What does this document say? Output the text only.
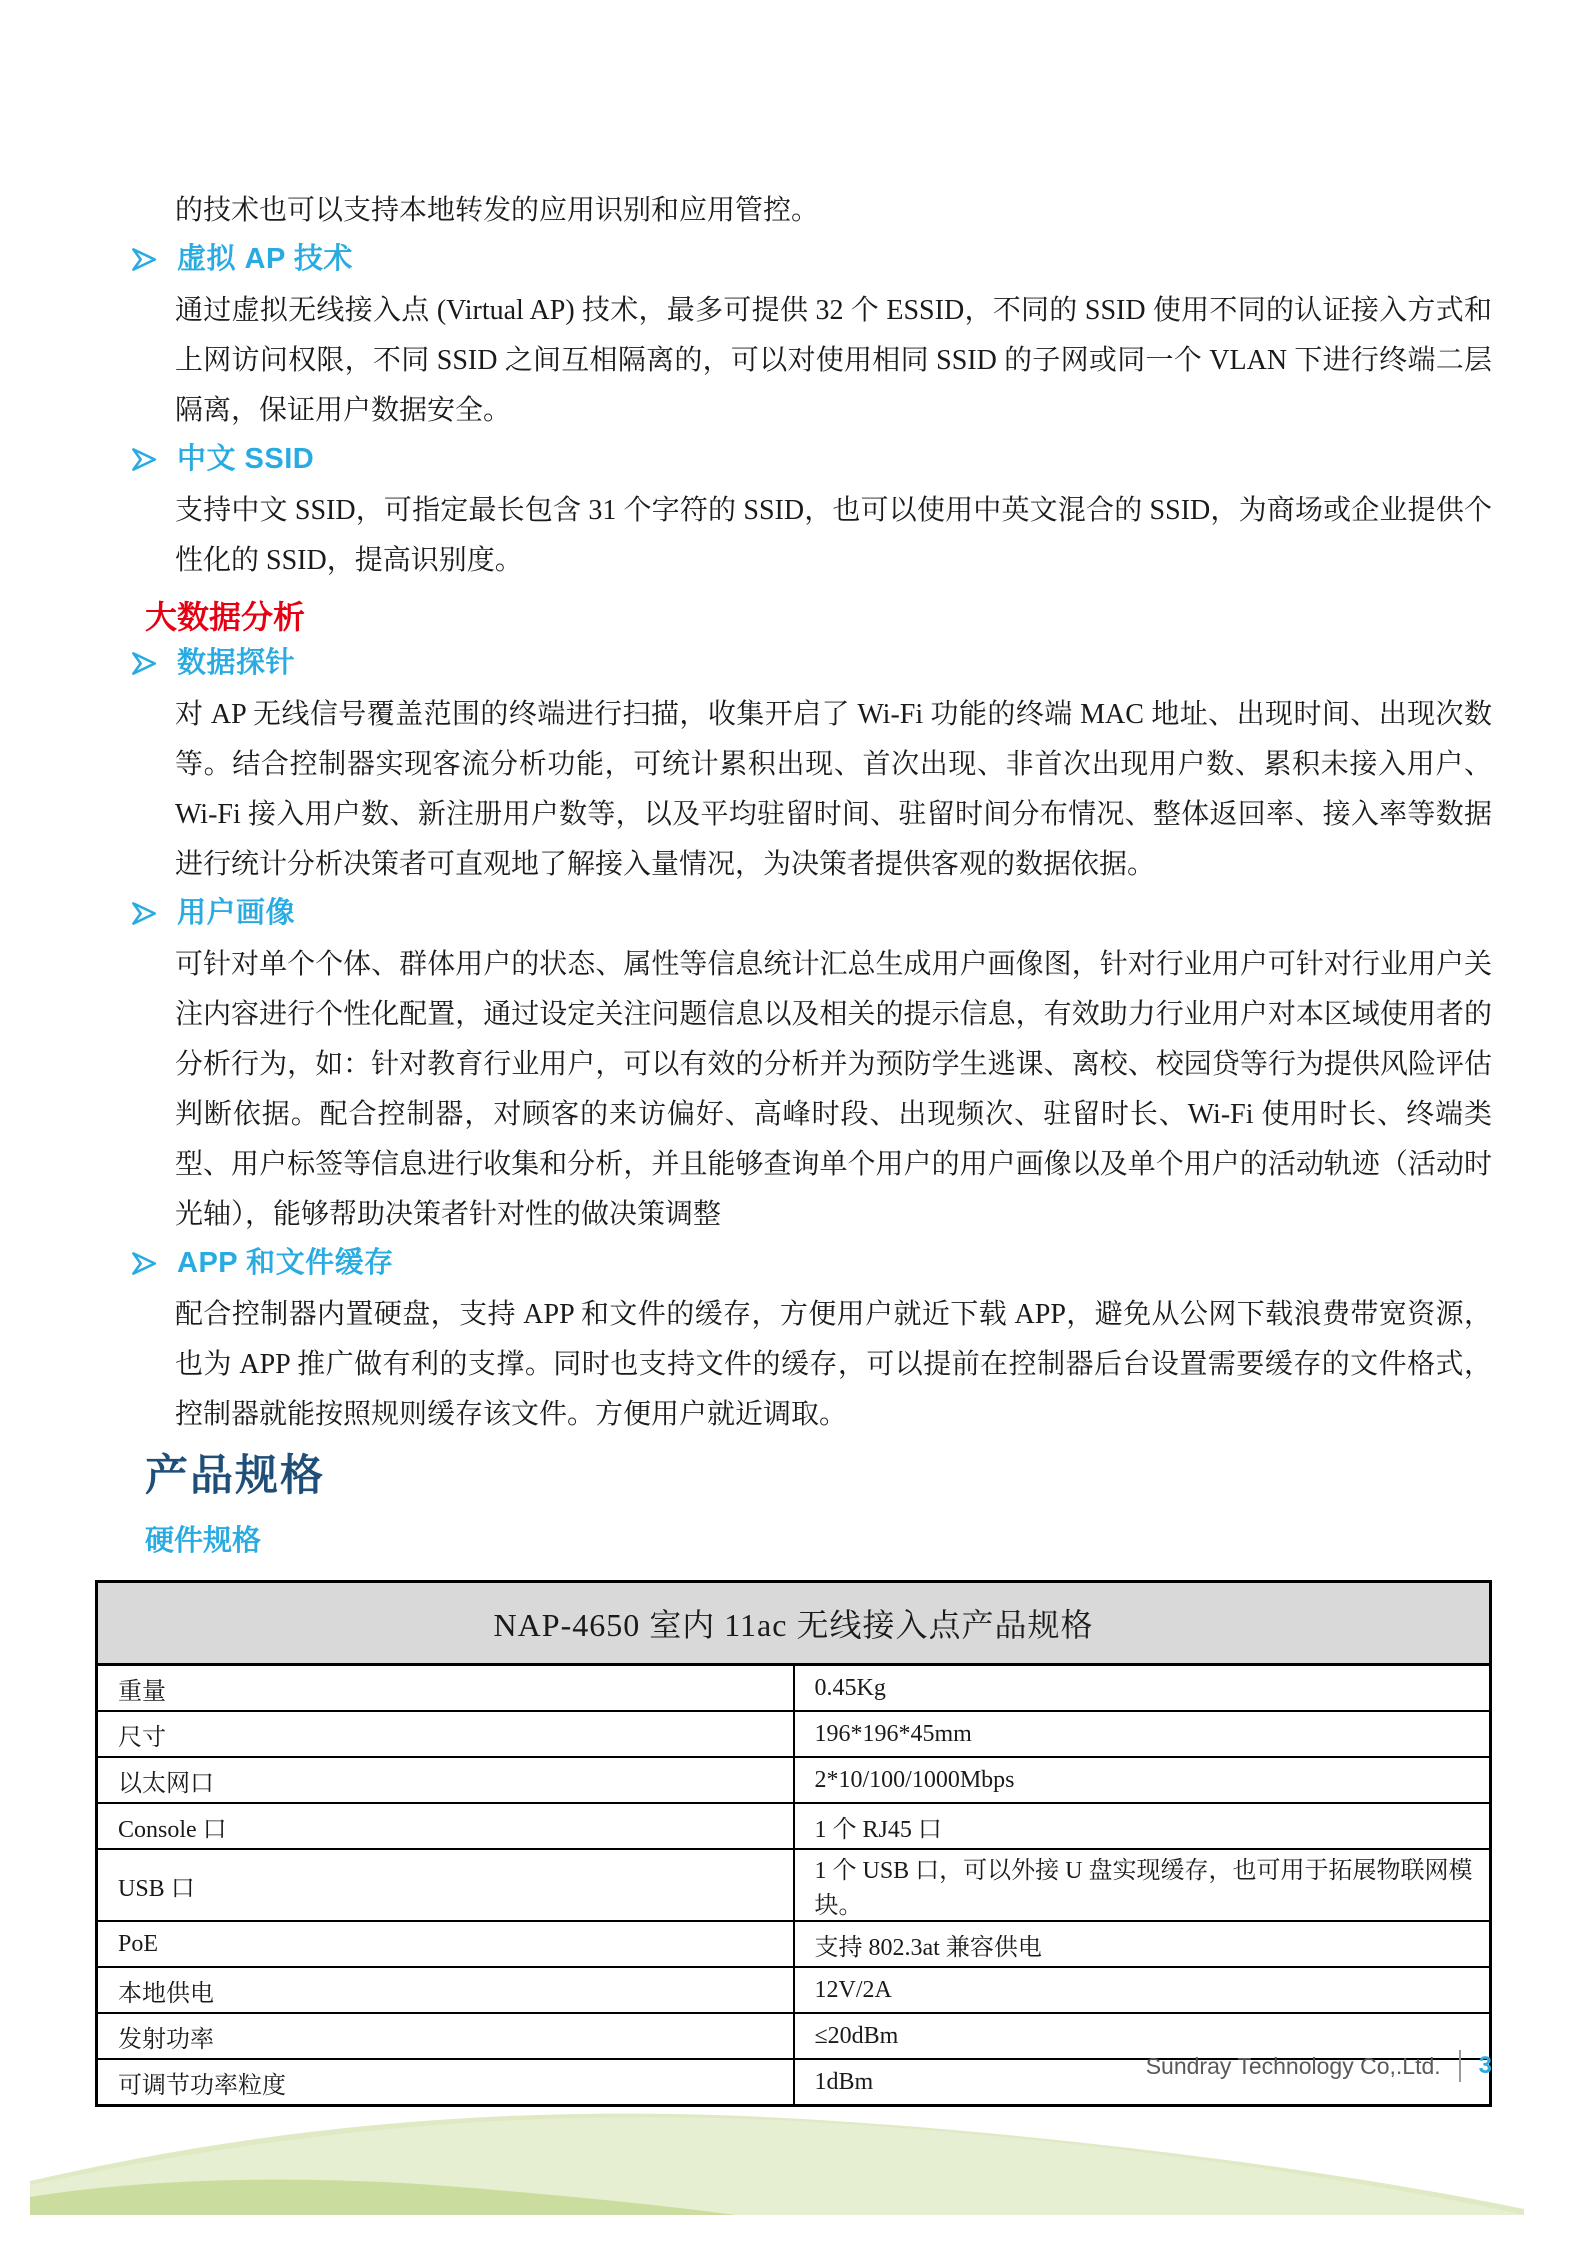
的技术也可以支持本地转发的应用识别和应用管控。

虚拟 AP 技术

通过虚拟无线接入点 (Virtual AP) 技术，最多可提供 32 个 ESSID，不同的 SSID 使用不同的认证接入方式和上网访问权限，不同 SSID 之间互相隔离的，可以对使用相同 SSID 的子网或同一个 VLAN 下进行终端二层隔离，保证用户数据安全。

中文 SSID

支持中文 SSID，可指定最长包含 31 个字符的 SSID，也可以使用中英文混合的 SSID，为商场或企业提供个性化的 SSID，提高识别度。

大数据分析
数据探针

对 AP 无线信号覆盖范围的终端进行扫描，收集开启了 Wi-Fi 功能的终端 MAC 地址、出现时间、出现次数等。结合控制器实现客流分析功能，可统计累积出现、首次出现、非首次出现用户数、累积未接入用户、Wi-Fi 接入用户数、新注册用户数等，以及平均驻留时间、驻留时间分布情况、整体返回率、接入率等数据进行统计分析决策者可直观地了解接入量情况，为决策者提供客观的数据依据。

用户画像

可针对单个个体、群体用户的状态、属性等信息统计汇总生成用户画像图，针对行业用户可针对行业用户关注内容进行个性化配置，通过设定关注问题信息以及相关的提示信息，有效助力行业用户对本区域使用者的分析行为，如：针对教育行业用户，可以有效的分析并为预防学生逃课、离校、校园贷等行为提供风险评估判断依据。配合控制器，对顾客的来访偏好、高峰时段、出现频次、驻留时长、Wi-Fi 使用时长、终端类型、用户标签等信息进行收集和分析，并且能够查询单个用户的用户画像以及单个用户的活动轨迹（活动时光轴），能够帮助决策者针对性的做决策调整

APP 和文件缓存

配合控制器内置硬盘，支持 APP 和文件的缓存，方便用户就近下载 APP，避免从公网下载浪费带宽资源，也为 APP 推广做有利的支撑。同时也支持文件的缓存，可以提前在控制器后台设置需要缓存的文件格式，控制器就能按照规则缓存该文件。方便用户就近调取。

产品规格
硬件规格
NAP-4650 室内 11ac 无线接入点产品规格	
重量	0.45Kg
尺寸	196*196*45mm
以太网口	2*10/100/1000Mbps
Console 口	1 个 RJ45 口
USB 口	1 个 USB 口，可以外接 U 盘实现缓存，也可用于拓展物联网模块。
PoE	支持 802.3at 兼容供电
本地供电	12V/2A
发射功率	≤20dBm
可调节功率粒度	1dBm
Sundray Technology Co,.Ltd. 3
